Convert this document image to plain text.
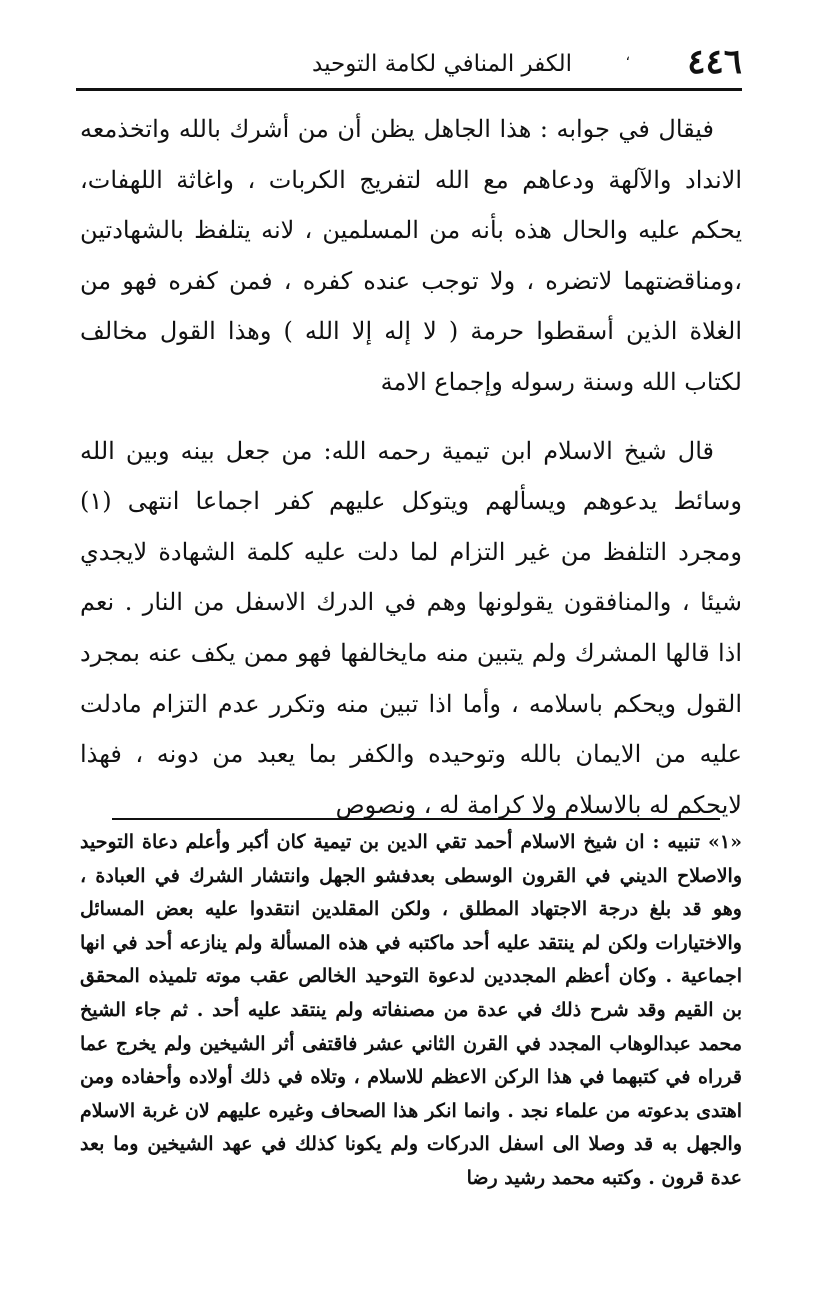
٤٤٦
،
الكفر المنافي لكامة التوحيد

فيقال في جوابه : هذا الجاهل يظن أن من أشرك بالله واتخذمعه الانداد والآلهة ودعاهم مع الله لتفريج الكربات ، واغاثة اللهفات، يحكم عليه والحال هذه بأنه من المسلمين ، لانه يتلفظ بالشهادتين ،ومناقضتهما لاتضره ، ولا توجب عنده كفره ، فمن كفره فهو من الغلاة الذين أسقطوا حرمة ( لا إله إلا الله ) وهذا القول مخالف لكتاب الله وسنة رسوله وإجماع الامة

قال شيخ الاسلام ابن تيمية رحمه الله: من جعل بينه وبين الله وسائط يدعوهم ويسألهم ويتوكل عليهم كفر اجماعا انتهى (١) ومجرد التلفظ من غير التزام لما دلت عليه كلمة الشهادة لايجدي شيئا ، والمنافقون يقولونها وهم في الدرك الاسفل من النار . نعم اذا قالها المشرك ولم يتبين منه مايخالفها فهو ممن يكف عنه بمجرد القول ويحكم باسلامه ، وأما اذا تبين منه وتكرر عدم التزام مادلت عليه من الايمان بالله وتوحيده والكفر بما يعبد من دونه ، فهذا لايحكم له بالاسلام ولا كرامة له ، ونصوص

«١» تنبيه : ان شيخ الاسلام أحمد تقي الدين بن تيمية كان أكبر وأعلم دعاة التوحيد والاصلاح الديني في القرون الوسطى بعدفشو الجهل وانتشار الشرك في العبادة ، وهو قد بلغ درجة الاجتهاد المطلق ، ولكن المقلدين انتقدوا عليه بعض المسائل والاختيارات ولكن لم ينتقد عليه أحد ماكتبه في هذه المسألة ولم ينازعه أحد في انها اجماعية . وكان أعظم المجددين لدعوة التوحيد الخالص عقب موته تلميذه المحقق بن القيم وقد شرح ذلك في عدة من مصنفاته ولم ينتقد عليه أحد . ثم جاء الشيخ محمد عبدالوهاب المجدد في القرن الثاني عشر فاقتفى أثر الشيخين ولم يخرج عما قرراه في كتبهما في هذا الركن الاعظم للاسلام ، وتلاه في ذلك أولاده وأحفاده ومن اهتدى بدعوته من علماء نجد . وانما انكر هذا الصحاف وغيره عليهم لان غربة الاسلام والجهل به قد وصلا الى اسفل الدركات ولم يكونا كذلك في عهد الشيخين وما بعد عدة قرون . وكتبه محمد رشيد رضا
